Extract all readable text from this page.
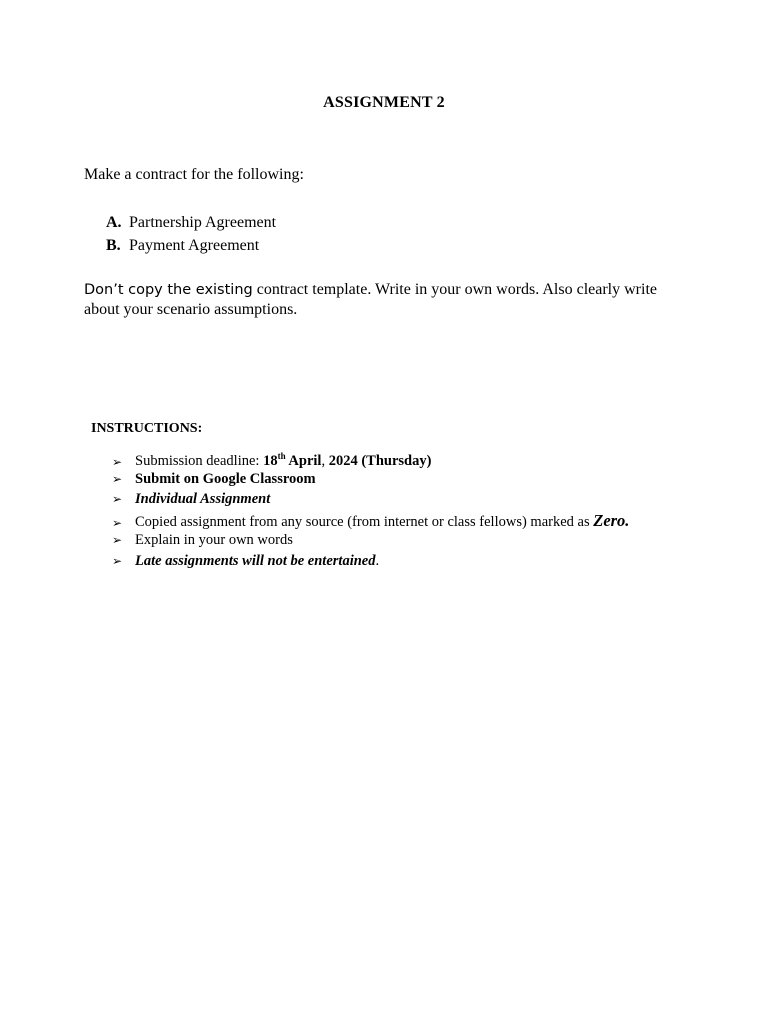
ASSIGNMENT 2
Make a contract for the following:
A. Partnership Agreement
B. Payment Agreement
Don’t copy the existing contract template. Write in your own words. Also clearly write about your scenario assumptions.
INSTRUCTIONS:
➢ Submission deadline: 18th April, 2024 (Thursday)
➢ Submit on Google Classroom
➢ Individual Assignment
➢ Copied assignment from any source (from internet or class fellows) marked as Zero.
➢ Explain in your own words
➢ Late assignments will not be entertained.
